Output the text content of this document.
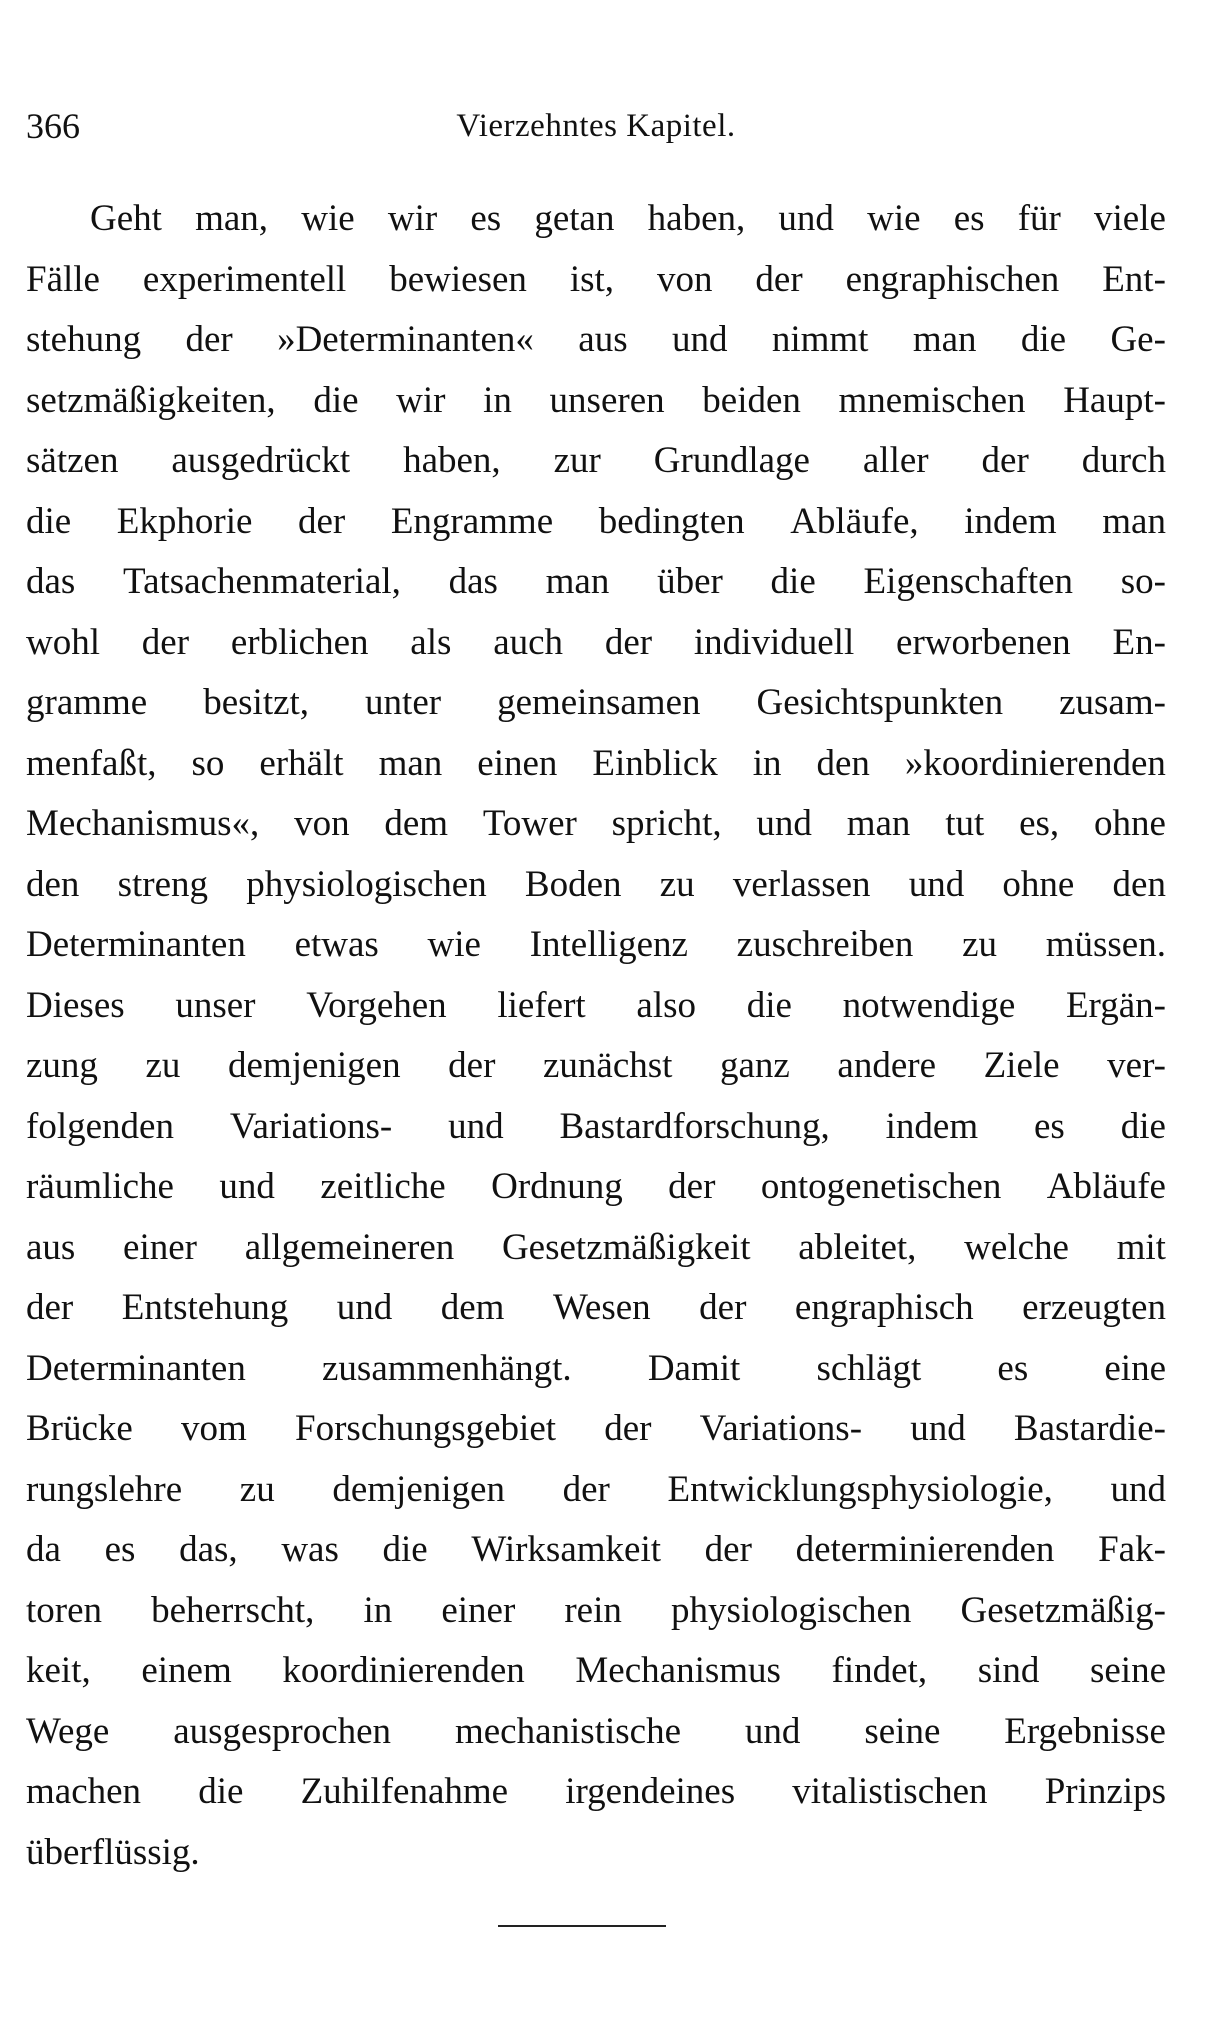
Vierzehntes Kapitel.
366
Geht man, wie wir es getan haben, und wie es für viele
Fälle experimentell bewiesen ist, von der engraphischen Ent-
stehung der »Determinanten« aus und nimmt man die Ge-
setzmäßigkeiten, die wir in unseren beiden mnemischen Haupt-
sätzen ausgedrückt haben, zur Grundlage aller der durch
die Ekphorie der Engramme bedingten Abläufe, indem man
das Tatsachenmaterial, das man über die Eigenschaften so-
wohl der erblichen als auch der individuell erworbenen En-
gramme besitzt, unter gemeinsamen Gesichtspunkten zusam-
menfaßt, so erhält man einen Einblick in den »koordinierenden
Mechanismus«, von dem Tower spricht, und man tut es, ohne
den streng physiologischen Boden zu verlassen und ohne den
Determinanten etwas wie Intelligenz zuschreiben zu müssen.
Dieses unser Vorgehen liefert also die notwendige Ergän-
zung zu demjenigen der zunächst ganz andere Ziele ver-
folgenden Variations- und Bastardforschung, indem es die
räumliche und zeitliche Ordnung der ontogenetischen Abläufe
aus einer allgemeineren Gesetzmäßigkeit ableitet, welche mit
der Entstehung und dem Wesen der engraphisch erzeugten
Determinanten zusammenhängt. Damit schlägt es eine
Brücke vom Forschungsgebiet der Variations- und Bastardie-
rungslehre zu demjenigen der Entwicklungsphysiologie, und
da es das, was die Wirksamkeit der determinierenden Fak-
toren beherrscht, in einer rein physiologischen Gesetzmäßig-
keit, einem koordinierenden Mechanismus findet, sind seine
Wege ausgesprochen mechanistische und seine Ergebnisse
machen die Zuhilfenahme irgendeines vitalistischen Prinzips
überflüssig.
